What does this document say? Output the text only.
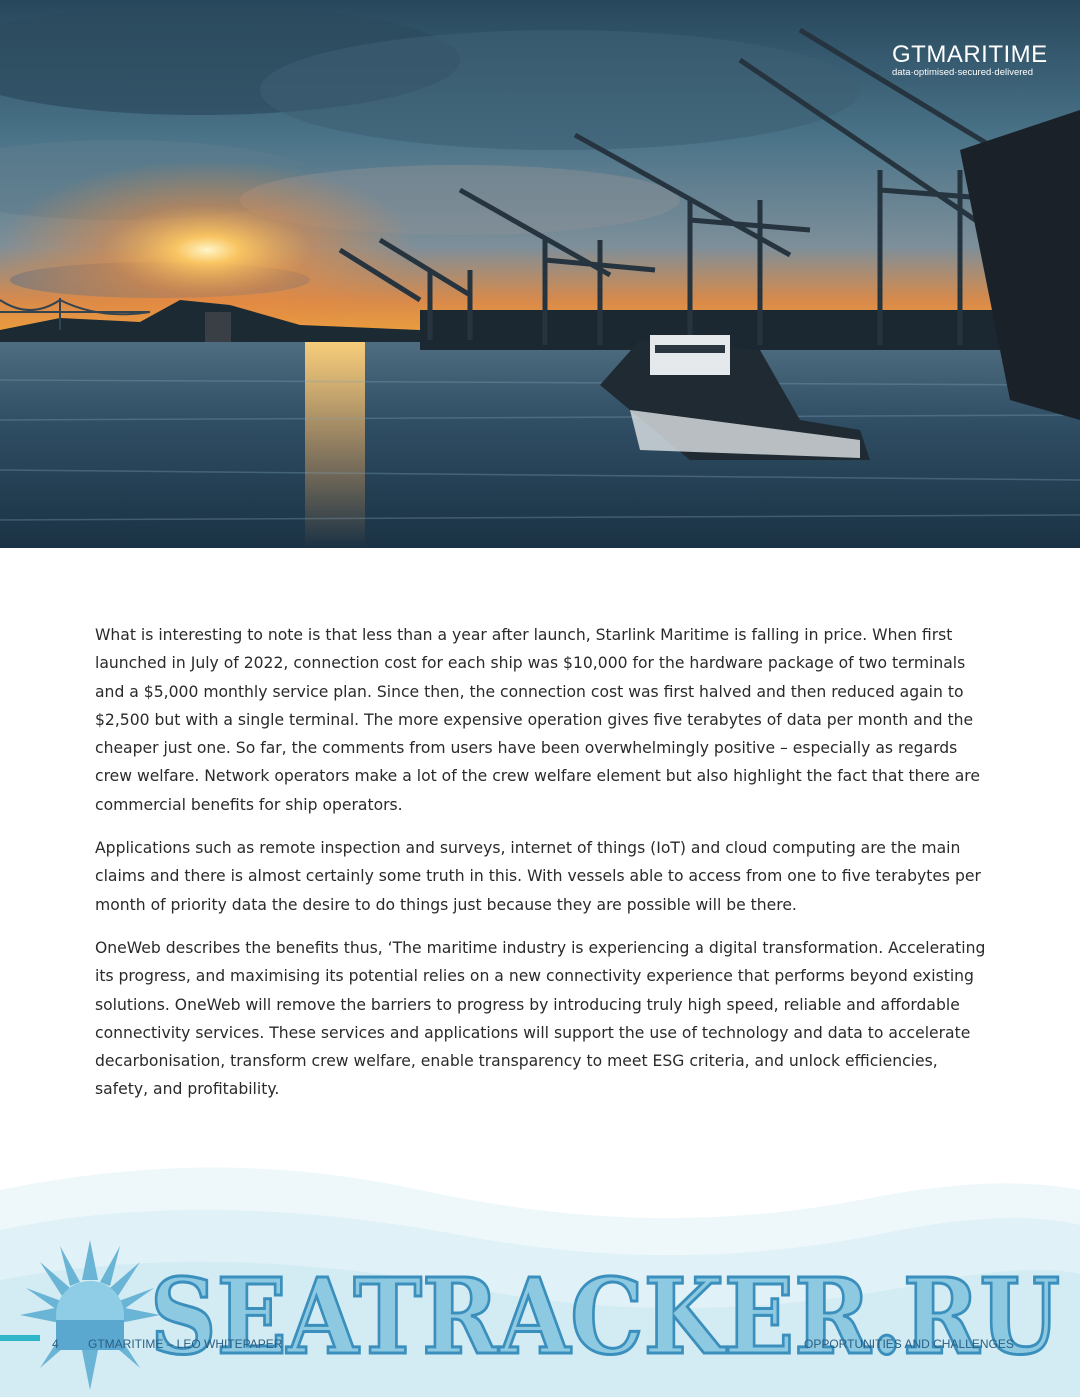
GTMARITIME
data·optimised·secured·delivered

What is interesting to note is that less than a year after launch, Starlink Maritime is falling in price. When first launched in July of 2022, connection cost for each ship was $10,000 for the hardware package of two terminals and a $5,000 monthly service plan. Since then, the connection cost was first halved and then reduced again to $2,500 but with a single terminal. The more expensive operation gives five terabytes of data per month and the cheaper just one. So far, the comments from users have been overwhelmingly positive – especially as regards crew welfare. Network operators make a lot of the crew welfare element but also highlight the fact that there are commercial benefits for ship operators.

Applications such as remote inspection and surveys, internet of things (IoT) and cloud computing are the main claims and there is almost certainly some truth in this. With vessels able to access from one to five terabytes per month of priority data the desire to do things just because they are possible will be there.

OneWeb describes the benefits thus, ‘The maritime industry is experiencing a digital transformation. Accelerating its progress, and maximising its potential relies on a new connectivity experience that performs beyond existing solutions. OneWeb will remove the barriers to progress by introducing truly high speed, reliable and affordable connectivity services. These services and applications will support the use of technology and data to accelerate decarbonisation, transform crew welfare, enable transparency to meet ESG criteria, and unlock efficiencies, safety, and profitability.

SEATRACKER.RU
4 GTMARITIME – LEO WHITEPAPER	OPPORTUNITIES AND CHALLENGES
